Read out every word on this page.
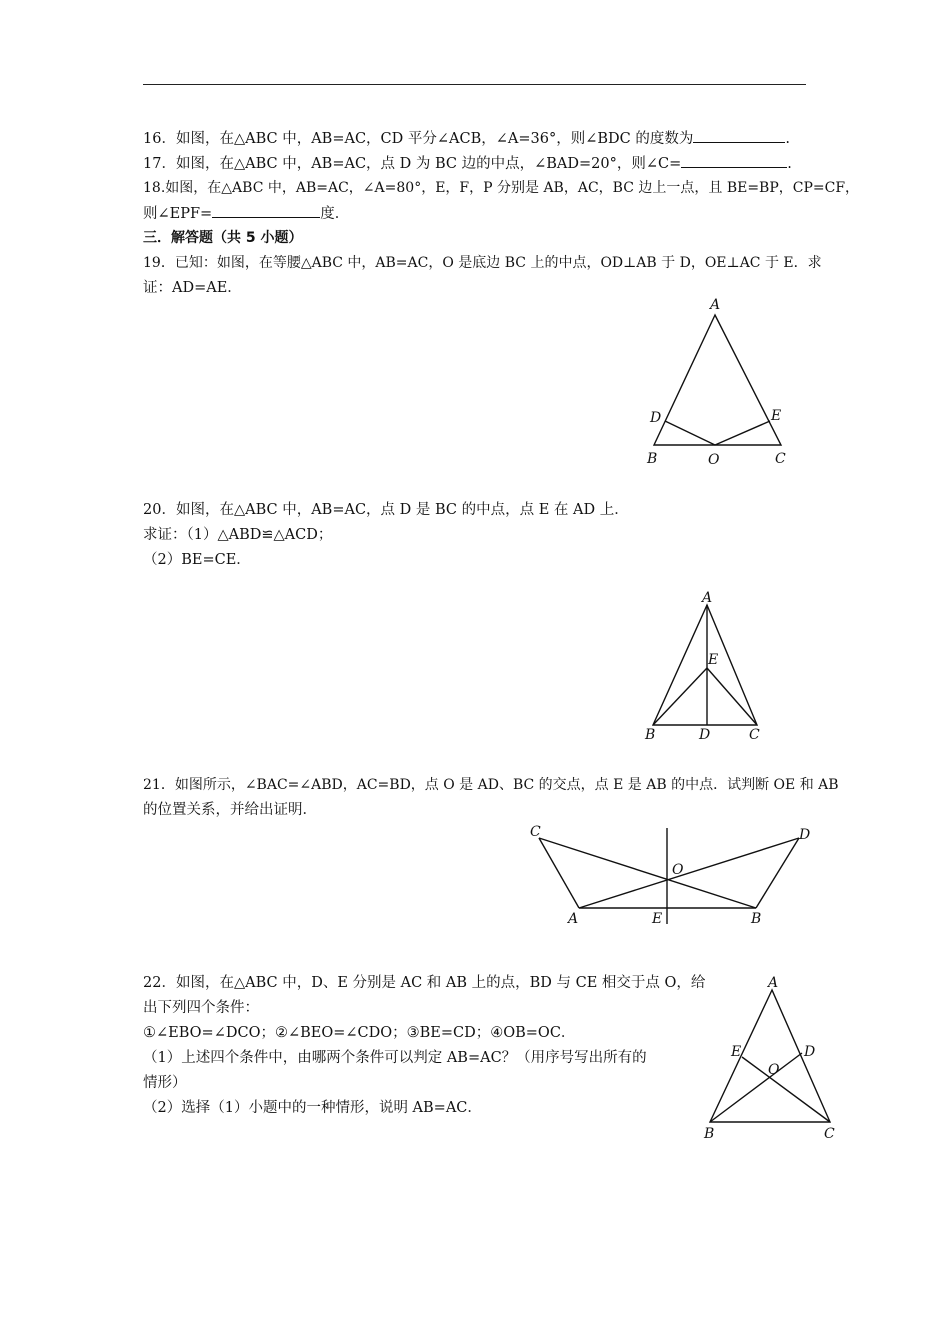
16．如图，在△ABC 中，AB=AC，CD 平分∠ACB，∠A=36°，则∠BDC 的度数为	.
17．如图，在△ABC 中，AB=AC，点 D 为 BC 边的中点，∠BAD=20°，则∠C=	.
18.如图，在△ABC 中，AB=AC，∠A=80°，E，F，P 分别是 AB，AC，BC 边上一点，且 BE=BP，CP=CF，
则∠EPF=	度．
三．解答题（共 5 小题）
19．已知：如图，在等腰△ABC 中，AB=AC，O 是底边 BC 上的中点，OD⊥AB 于 D，OE⊥AC 于 E．求
证：AD=AE．
A
B	C
D	E
O
20．如图，在△ABC 中，AB=AC，点 D 是 BC 的中点，点 E 在 AD 上．
求证：（1）△ABD≌△ACD；
（2）BE=CE．
A
B	C
D
E
21．如图所示，∠BAC=∠ABD，AC=BD，点 O 是 AD、BC 的交点，点 E 是 AB 的中点．试判断 OE 和 AB
的位置关系，并给出证明．
C	D
O
A	E	B
22．如图，在△ABC 中，D、E 分别是 AC 和 AB 上的点，BD 与 CE 相交于点 O，给
出下列四个条件：
①∠EBO=∠DCO；②∠BEO=∠CDO；③BE=CD；④OB=OC．
（1）上述四个条件中，由哪两个条件可以判定 AB=AC？（用序号写出所有的
情形）
（2）选择（1）小题中的一种情形，说明 AB=AC．
A
E	D
O
B	C
